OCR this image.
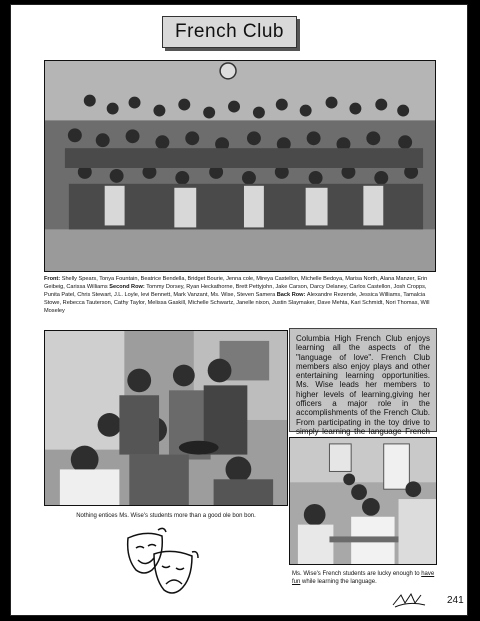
French Club
Front: Shelly Spears, Tonya Fountain, Beatrice Bendella, Bridget Bourie, Jenna cole, Mireya Castellon, Michelle Bedoya, Marisa North, Alana Manzer, Erin Geibeig, Carissa Williams Second Row: Tommy Dorsey, Ryan Heckathorne, Brett Pettyjohn, Jake Carson, Darcy Delaney, Carlos Castellon, Josh Cropps, Punita Patel, Chris Stewart, J.L. Loyle, levi Bennett, Mark Vanzant, Ms. Wise, Steven Samera Back Row: Alexandre Rezende, Jessica Williams, Tamalcia Stowe, Rebecca Tauterson, Cathy Taylor, Melissa Gaskill, Michelle Schwartz, Janelle nixon, Justin Slaymaker, Dave Mehta, Kari Schmidt, Nori Thomas, Will Moseley
Nothing entices Ms. Wise's students more than a good ole bon bon.
Columbia High French Club enjoys learning all the aspects of the "language of love". French Club members also enjoy plays and other entertaining learning opportunities. Ms. Wise leads her members to higher levels of learning,giving her officers a major role in the accomplishments of the French Club. From participating in the toy drive to simply learning the language French
Ms. Wise's French students are lucky enough to have fun while learning the language.
241
